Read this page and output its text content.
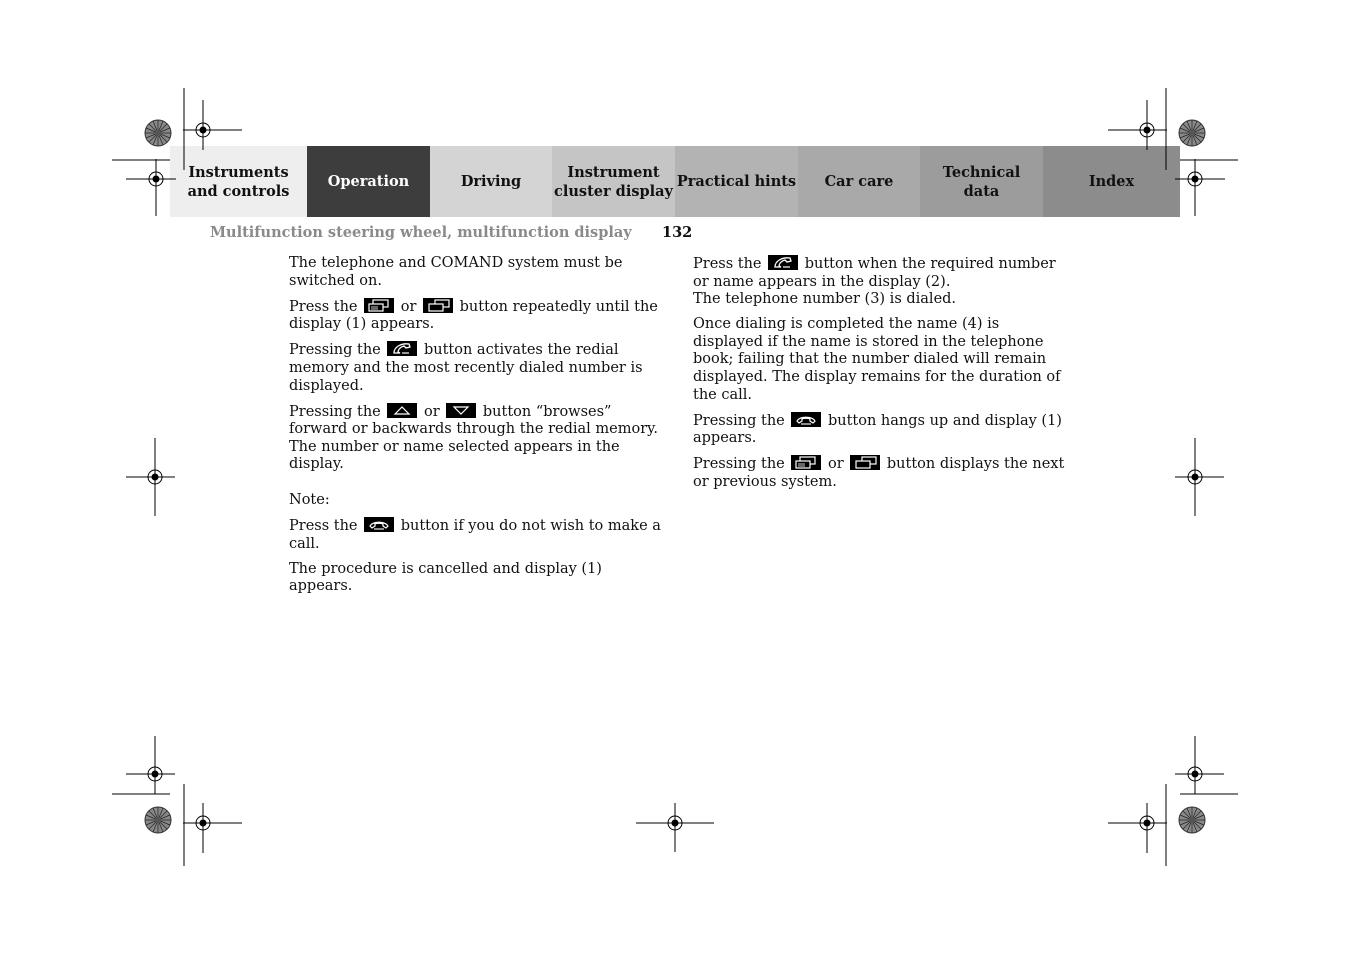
Instruments
and controls
Operation	Driving
Instrument
cluster display
Practical hints	Car care
Technical
data
Index
Multifunction steering wheel, multifunction display 132

The telephone and COMAND system must be switched on.

Press the	or	button repeatedly until the display (1) appears.

Pressing the	button activates the redial memory and the most recently dialed number is displayed.

Pressing the	or	button “browses” forward or backwards through the redial memory. The number or name selected appears in the display.

Note:

Press the	button if you do not wish to make a call.

The procedure is cancelled and display (1) appears.

Press the	button when the required number or name appears in the display (2).
The telephone number (3) is dialed.

Once dialing is completed the name (4) is displayed if the name is stored in the telephone book; failing that the number dialed will remain displayed. The display remains for the duration of the call.

Pressing the	button hangs up and display (1) appears.

Pressing the	or	button displays the next or previous system.
